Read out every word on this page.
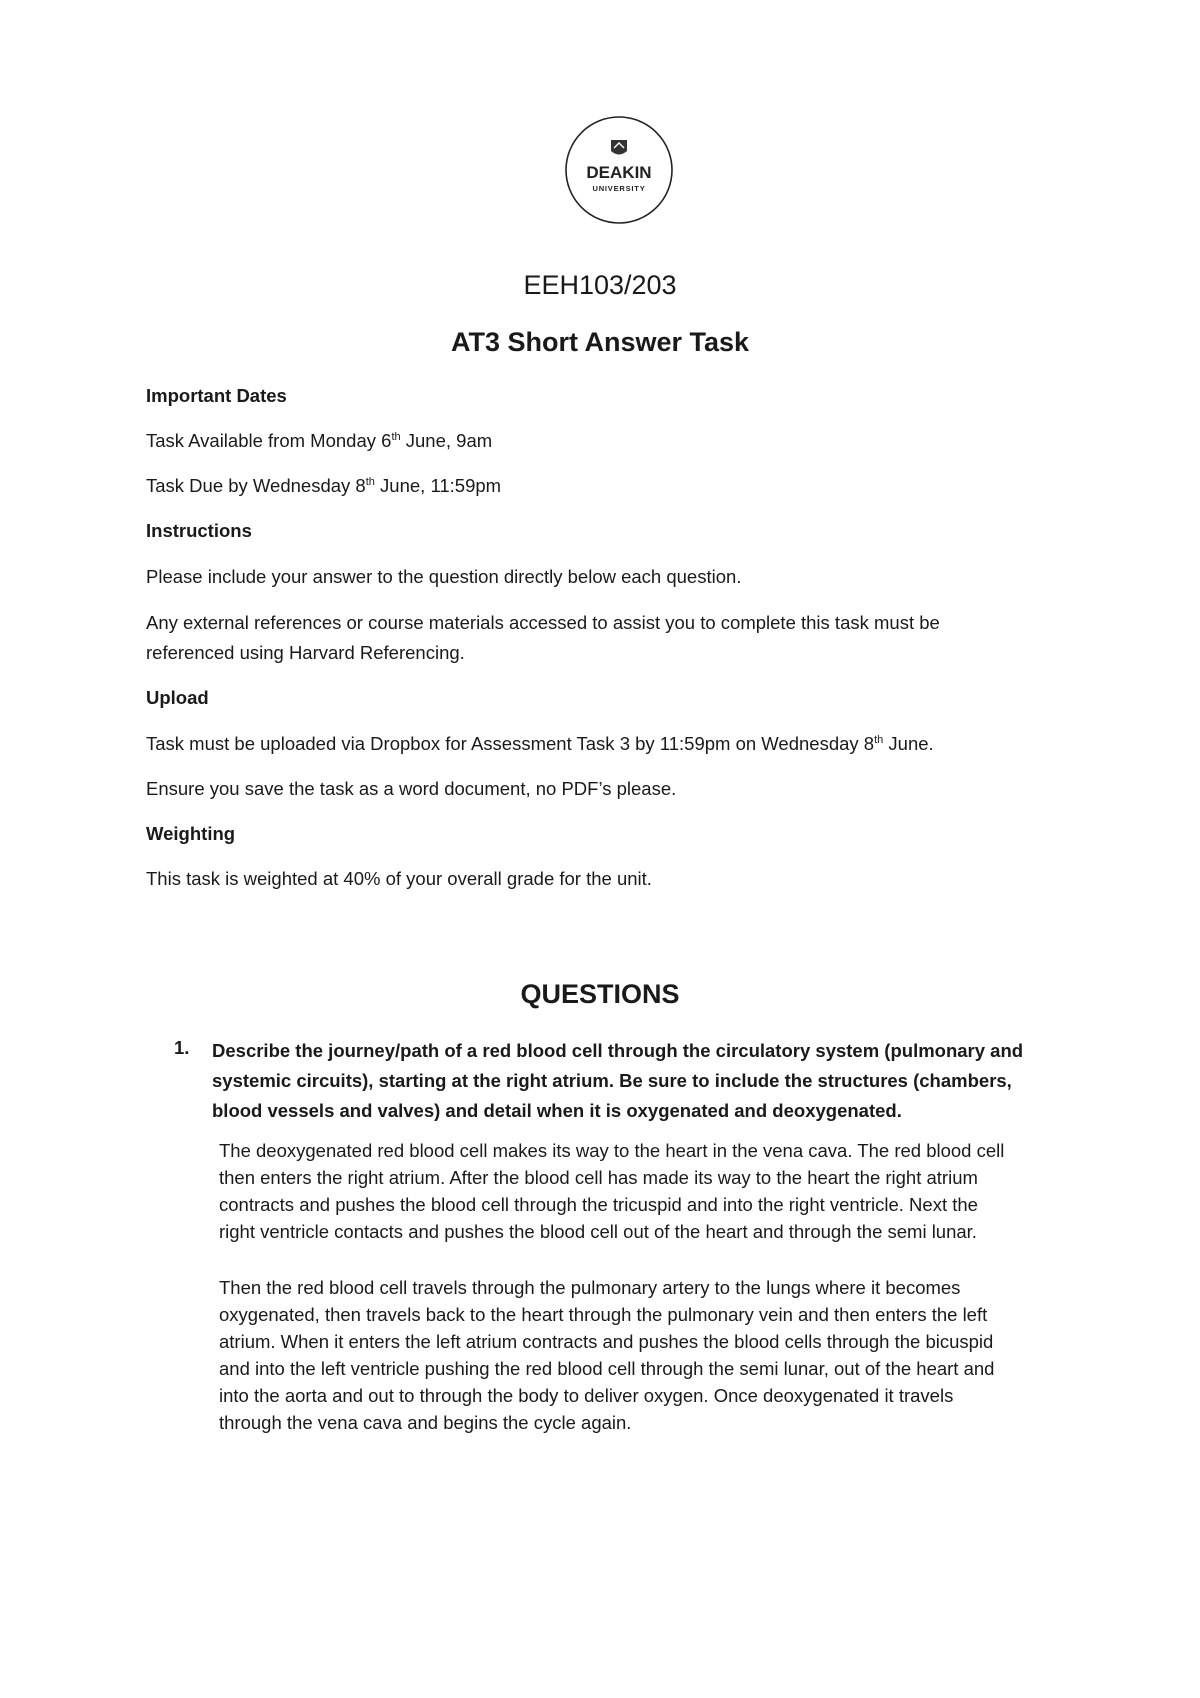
DEAKIN
UNIVERSITY
EEH103/203
AT3 Short Answer Task
Important Dates
Task Available from Monday 6th June, 9am
Task Due by Wednesday 8th June, 11:59pm
Instructions
Please include your answer to the question directly below each question.
Any external references or course materials accessed to assist you to complete this task must be
referenced using Harvard Referencing.
Upload
Task must be uploaded via Dropbox for Assessment Task 3 by 11:59pm on Wednesday 8th June.
Ensure you save the task as a word document, no PDF’s please.
Weighting
This task is weighted at 40% of your overall grade for the unit.
QUESTIONS
1. Describe the journey/path of a red blood cell through the circulatory system (pulmonary and
systemic circuits), starting at the right atrium. Be sure to include the structures (chambers,
blood vessels and valves) and detail when it is oxygenated and deoxygenated.
The deoxygenated red blood cell makes its way to the heart in the vena cava. The red blood cell
then enters the right atrium. After the blood cell has made its way to the heart the right atrium
contracts and pushes the blood cell through the tricuspid and into the right ventricle. Next the
right ventricle contacts and pushes the blood cell out of the heart and through the semi lunar.
Then the red blood cell travels through the pulmonary artery to the lungs where it becomes
oxygenated, then travels back to the heart through the pulmonary vein and then enters the left
atrium. When it enters the left atrium contracts and pushes the blood cells through the bicuspid
and into the left ventricle pushing the red blood cell through the semi lunar, out of the heart and
into the aorta and out to through the body to deliver oxygen. Once deoxygenated it travels
through the vena cava and begins the cycle again.
